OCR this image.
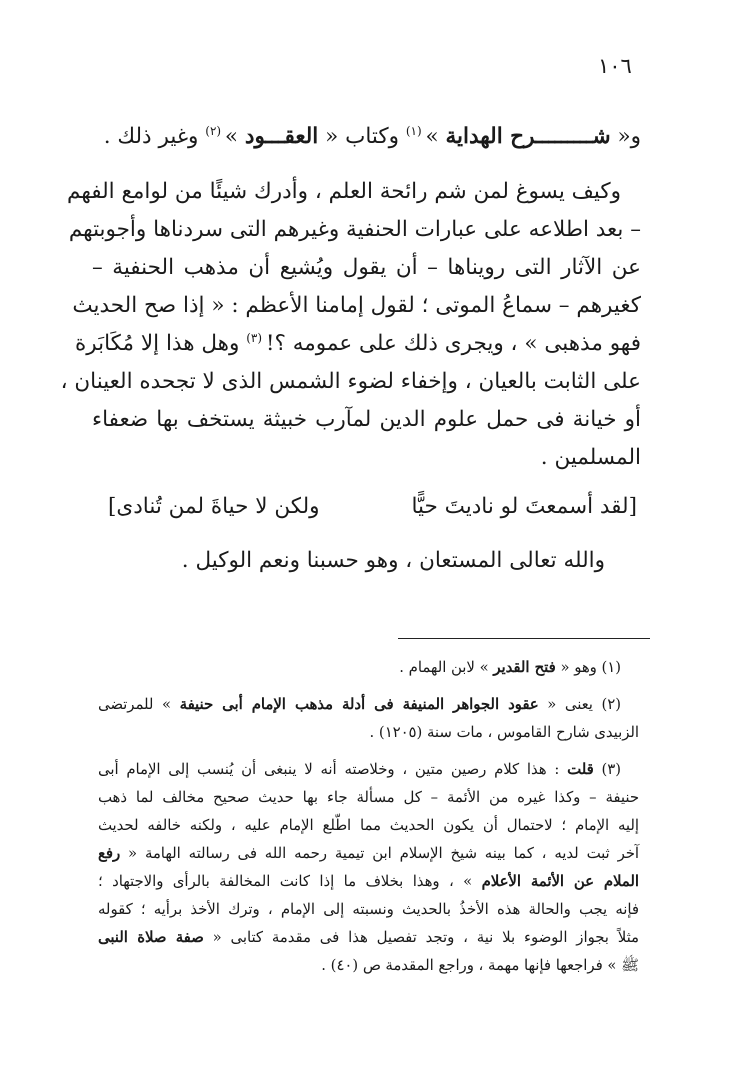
١٠٦
و« شـــــــــرح الهداية » $^{(١)}$ وكتاب « العقـــود » $^{(٢)}$ وغير ذلك .
وكيف يسوغ لمن شم رائحة العلم ، وأدرك شيئًا من لوامع الفهم
– بعد اطلاعه على عبارات الحنفية وغيرهم التى سردناها وأجوبتهم
عن الآثار التى رويناها – أن يقول ويُشيع أن مذهب الحنفية –
كغيرهم – سماعُ الموتى ؛ لقول إمامنا الأعظم : « إذا صح الحديث
فهو مذهبى » ، ويجرى ذلك على عمومه ؟! $^{(٣)}$ وهل هذا إلا مُكَابَرة
على الثابت بالعيان ، وإخفاء لضوء الشمس الذى لا تجحده العينان ،
أو خيانة فى حمل علوم الدين لمآرب خبيثة يستخف بها ضعفاء
المسلمين .
[لقد أسمعتَ لو ناديتَ حيًّا
ولكن لا حياةَ لمن تُنادى]
والله تعالى المستعان ، وهو حسبنا ونعم الوكيل .
(١) وهو « فتح القدير » لابن الهمام .
(٢) يعنى « عقود الجواهر المنيفة فى أدلة مذهب الإمام أبى حنيفة » للمرتضى
الزبيدى شارح القاموس ، مات سنة (١٢٠٥) .
(٣) قلت : هذا كلام رصين متين ، وخلاصته أنه لا ينبغى أن يُنسب إلى الإمام أبى
حنيفة – وكذا غيره من الأئمة – كل مسألة جاء بها حديث صحيح مخالف لما ذهب
إليه الإمام ؛ لاحتمال أن يكون الحديث مما اطّلع الإمام عليه ، ولكنه خالفه لحديث
آخر ثبت لديه ، كما بينه شيخ الإسلام ابن تيمية رحمه الله فى رسالته الهامة « رفع
الملام عن الأئمة الأعلام » ، وهذا بخلاف ما إذا كانت المخالفة بالرأى والاجتهاد ؛
فإنه يجب والحالة هذه الأخذُ بالحديث ونسبته إلى الإمام ، وترك الأخذ برأيه ؛ كقوله
مثلاً بجواز الوضوء بلا نية ، وتجد تفصيل هذا فى مقدمة كتابى « صفة صلاة النبى
ﷺ » فراجعها فإنها مهمة ، وراجع المقدمة ص (٤٠) .
